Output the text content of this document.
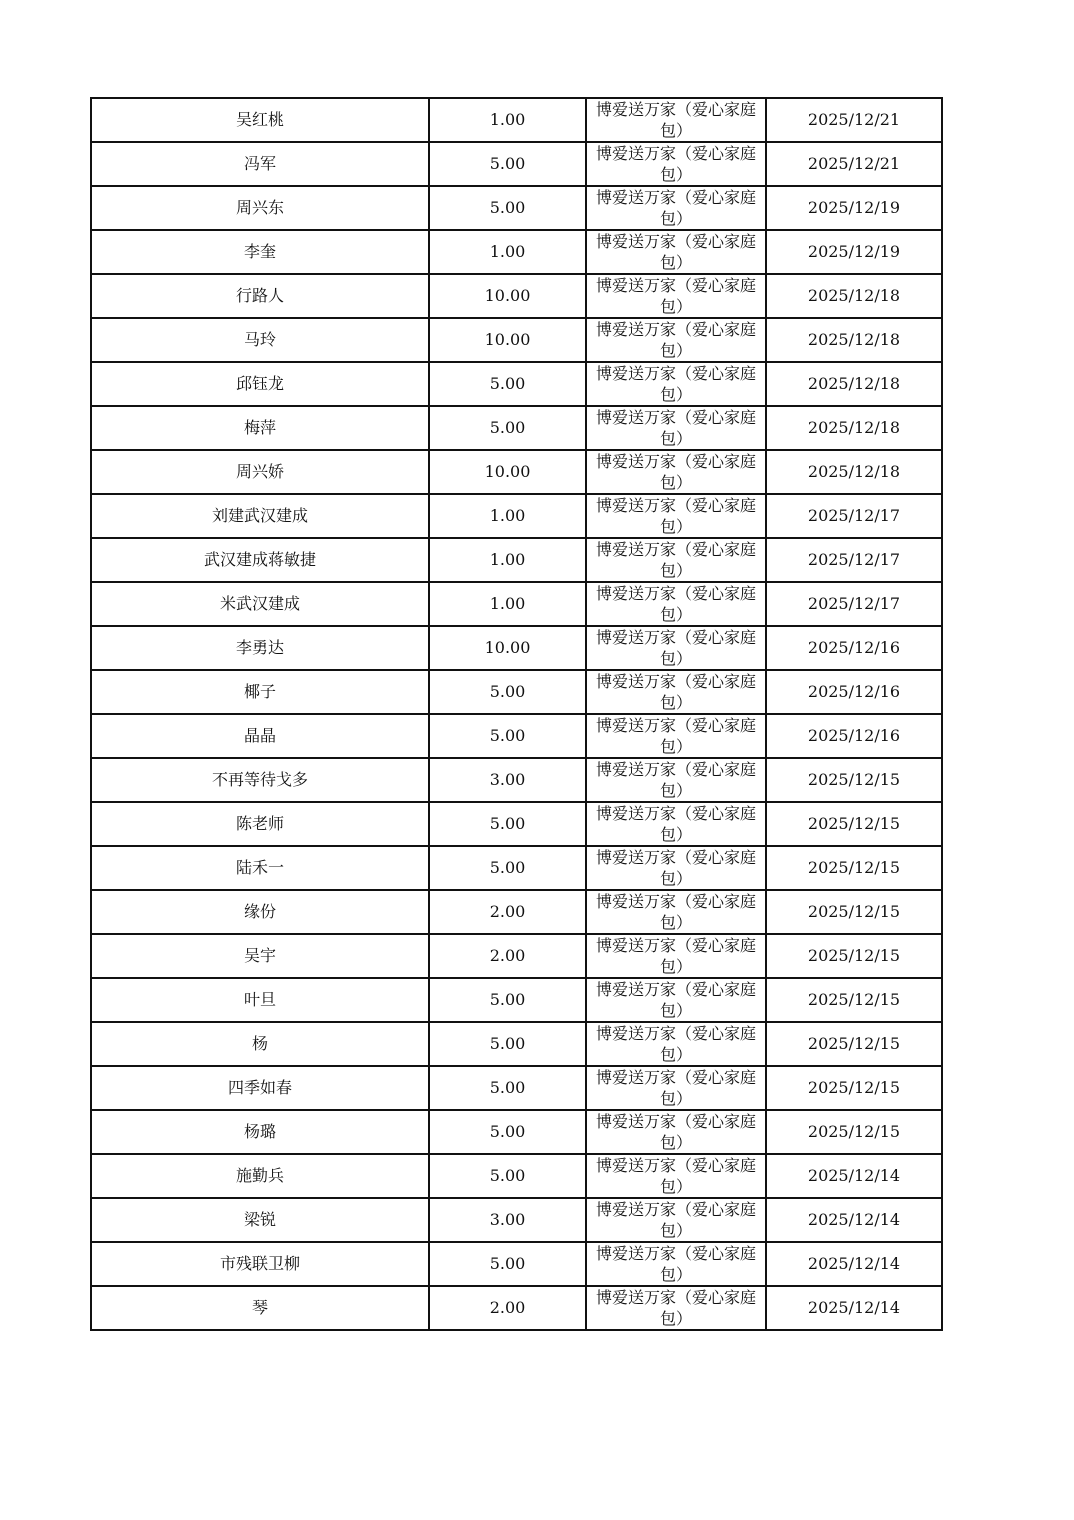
吴红桃	1.00	博爱送万家（爱心家庭包）	2025/12/21
冯军	5.00	博爱送万家（爱心家庭包）	2025/12/21
周兴东	5.00	博爱送万家（爱心家庭包）	2025/12/19
李奎	1.00	博爱送万家（爱心家庭包）	2025/12/19
行路人	10.00	博爱送万家（爱心家庭包）	2025/12/18
马玲	10.00	博爱送万家（爱心家庭包）	2025/12/18
邱钰龙	5.00	博爱送万家（爱心家庭包）	2025/12/18
梅萍	5.00	博爱送万家（爱心家庭包）	2025/12/18
周兴娇	10.00	博爱送万家（爱心家庭包）	2025/12/18
刘建武汉建成	1.00	博爱送万家（爱心家庭包）	2025/12/17
武汉建成蒋敏捷	1.00	博爱送万家（爱心家庭包）	2025/12/17
米武汉建成	1.00	博爱送万家（爱心家庭包）	2025/12/17
李勇达	10.00	博爱送万家（爱心家庭包）	2025/12/16
椰子	5.00	博爱送万家（爱心家庭包）	2025/12/16
晶晶	5.00	博爱送万家（爱心家庭包）	2025/12/16
不再等待戈多	3.00	博爱送万家（爱心家庭包）	2025/12/15
陈老师	5.00	博爱送万家（爱心家庭包）	2025/12/15
陆禾一	5.00	博爱送万家（爱心家庭包）	2025/12/15
缘份	2.00	博爱送万家（爱心家庭包）	2025/12/15
吴宇	2.00	博爱送万家（爱心家庭包）	2025/12/15
叶旦	5.00	博爱送万家（爱心家庭包）	2025/12/15
杨	5.00	博爱送万家（爱心家庭包）	2025/12/15
四季如春	5.00	博爱送万家（爱心家庭包）	2025/12/15
杨璐	5.00	博爱送万家（爱心家庭包）	2025/12/15
施勤兵	5.00	博爱送万家（爱心家庭包）	2025/12/14
梁锐	3.00	博爱送万家（爱心家庭包）	2025/12/14
市残联卫柳	5.00	博爱送万家（爱心家庭包）	2025/12/14
琴	2.00	博爱送万家（爱心家庭包）	2025/12/14
